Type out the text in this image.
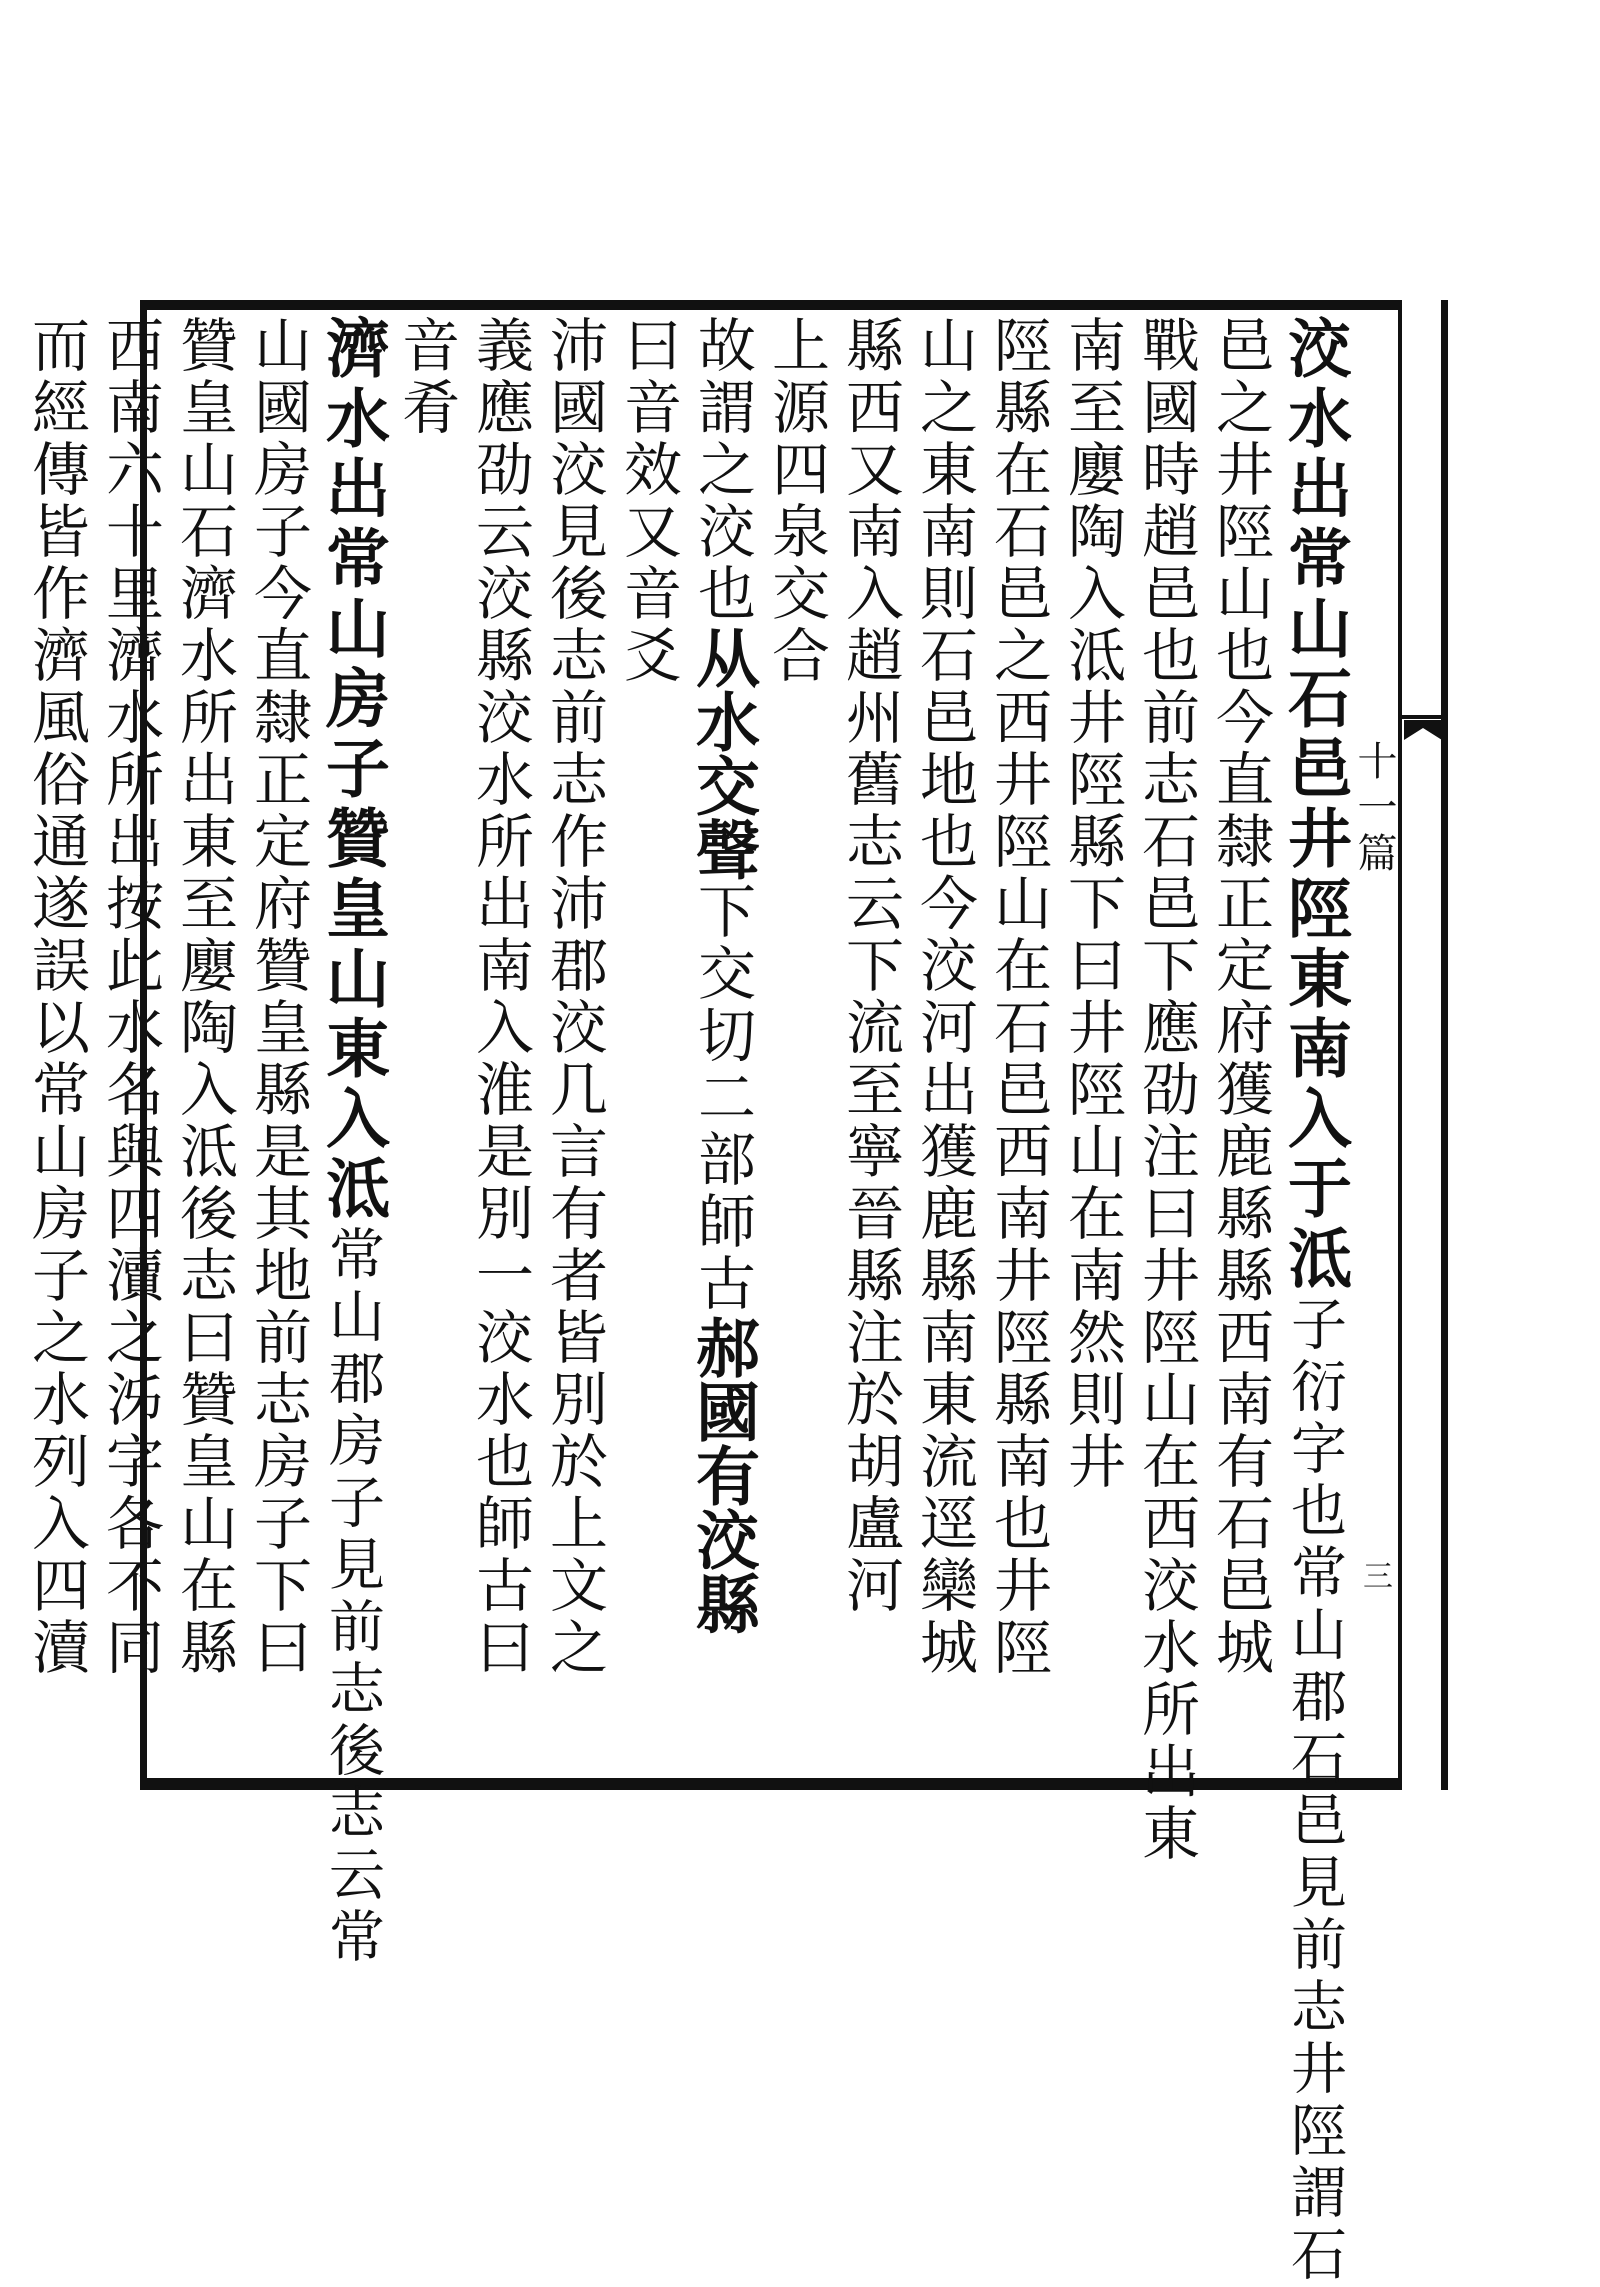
十一篇
三
洨水出常山石邑井陘東南入于泜子衍字也常山郡石邑見前志井陘謂石
邑之井陘山也今直隸正定府獲鹿縣縣西南有石邑城
戰國時趙邑也前志石邑下應劭注曰井陘山在西洨水所出東
南至廮陶入泜井陘縣下曰井陘山在南然則井
陘縣在石邑之西井陘山在石邑西南井陘縣南也井陘
山之東南則石邑地也今洨河出獲鹿縣南東流逕欒城
縣西又南入趙州舊志云下流至寧晉縣注於胡盧河
上源四泉交合
故謂之洨也从水交聲下交切二部師古郝國有洨縣
曰音效又音爻
沛國洨見後志前志作沛郡洨几言有者皆別於上文之
義應劭云洨縣洨水所出南入淮是別一洨水也師古曰
音肴
濟水出常山房子贊皇山東入泜常山郡房子見前志後志云常
山國房子今直隸正定府贊皇縣是其地前志房子下曰
贊皇山石濟水所出東至廮陶入泜後志曰贊皇山在縣
西南六十里濟水所出按此水名與四瀆之泲字各不同
而經傳皆作濟風俗通遂誤以常山房子之水列入四瀆
